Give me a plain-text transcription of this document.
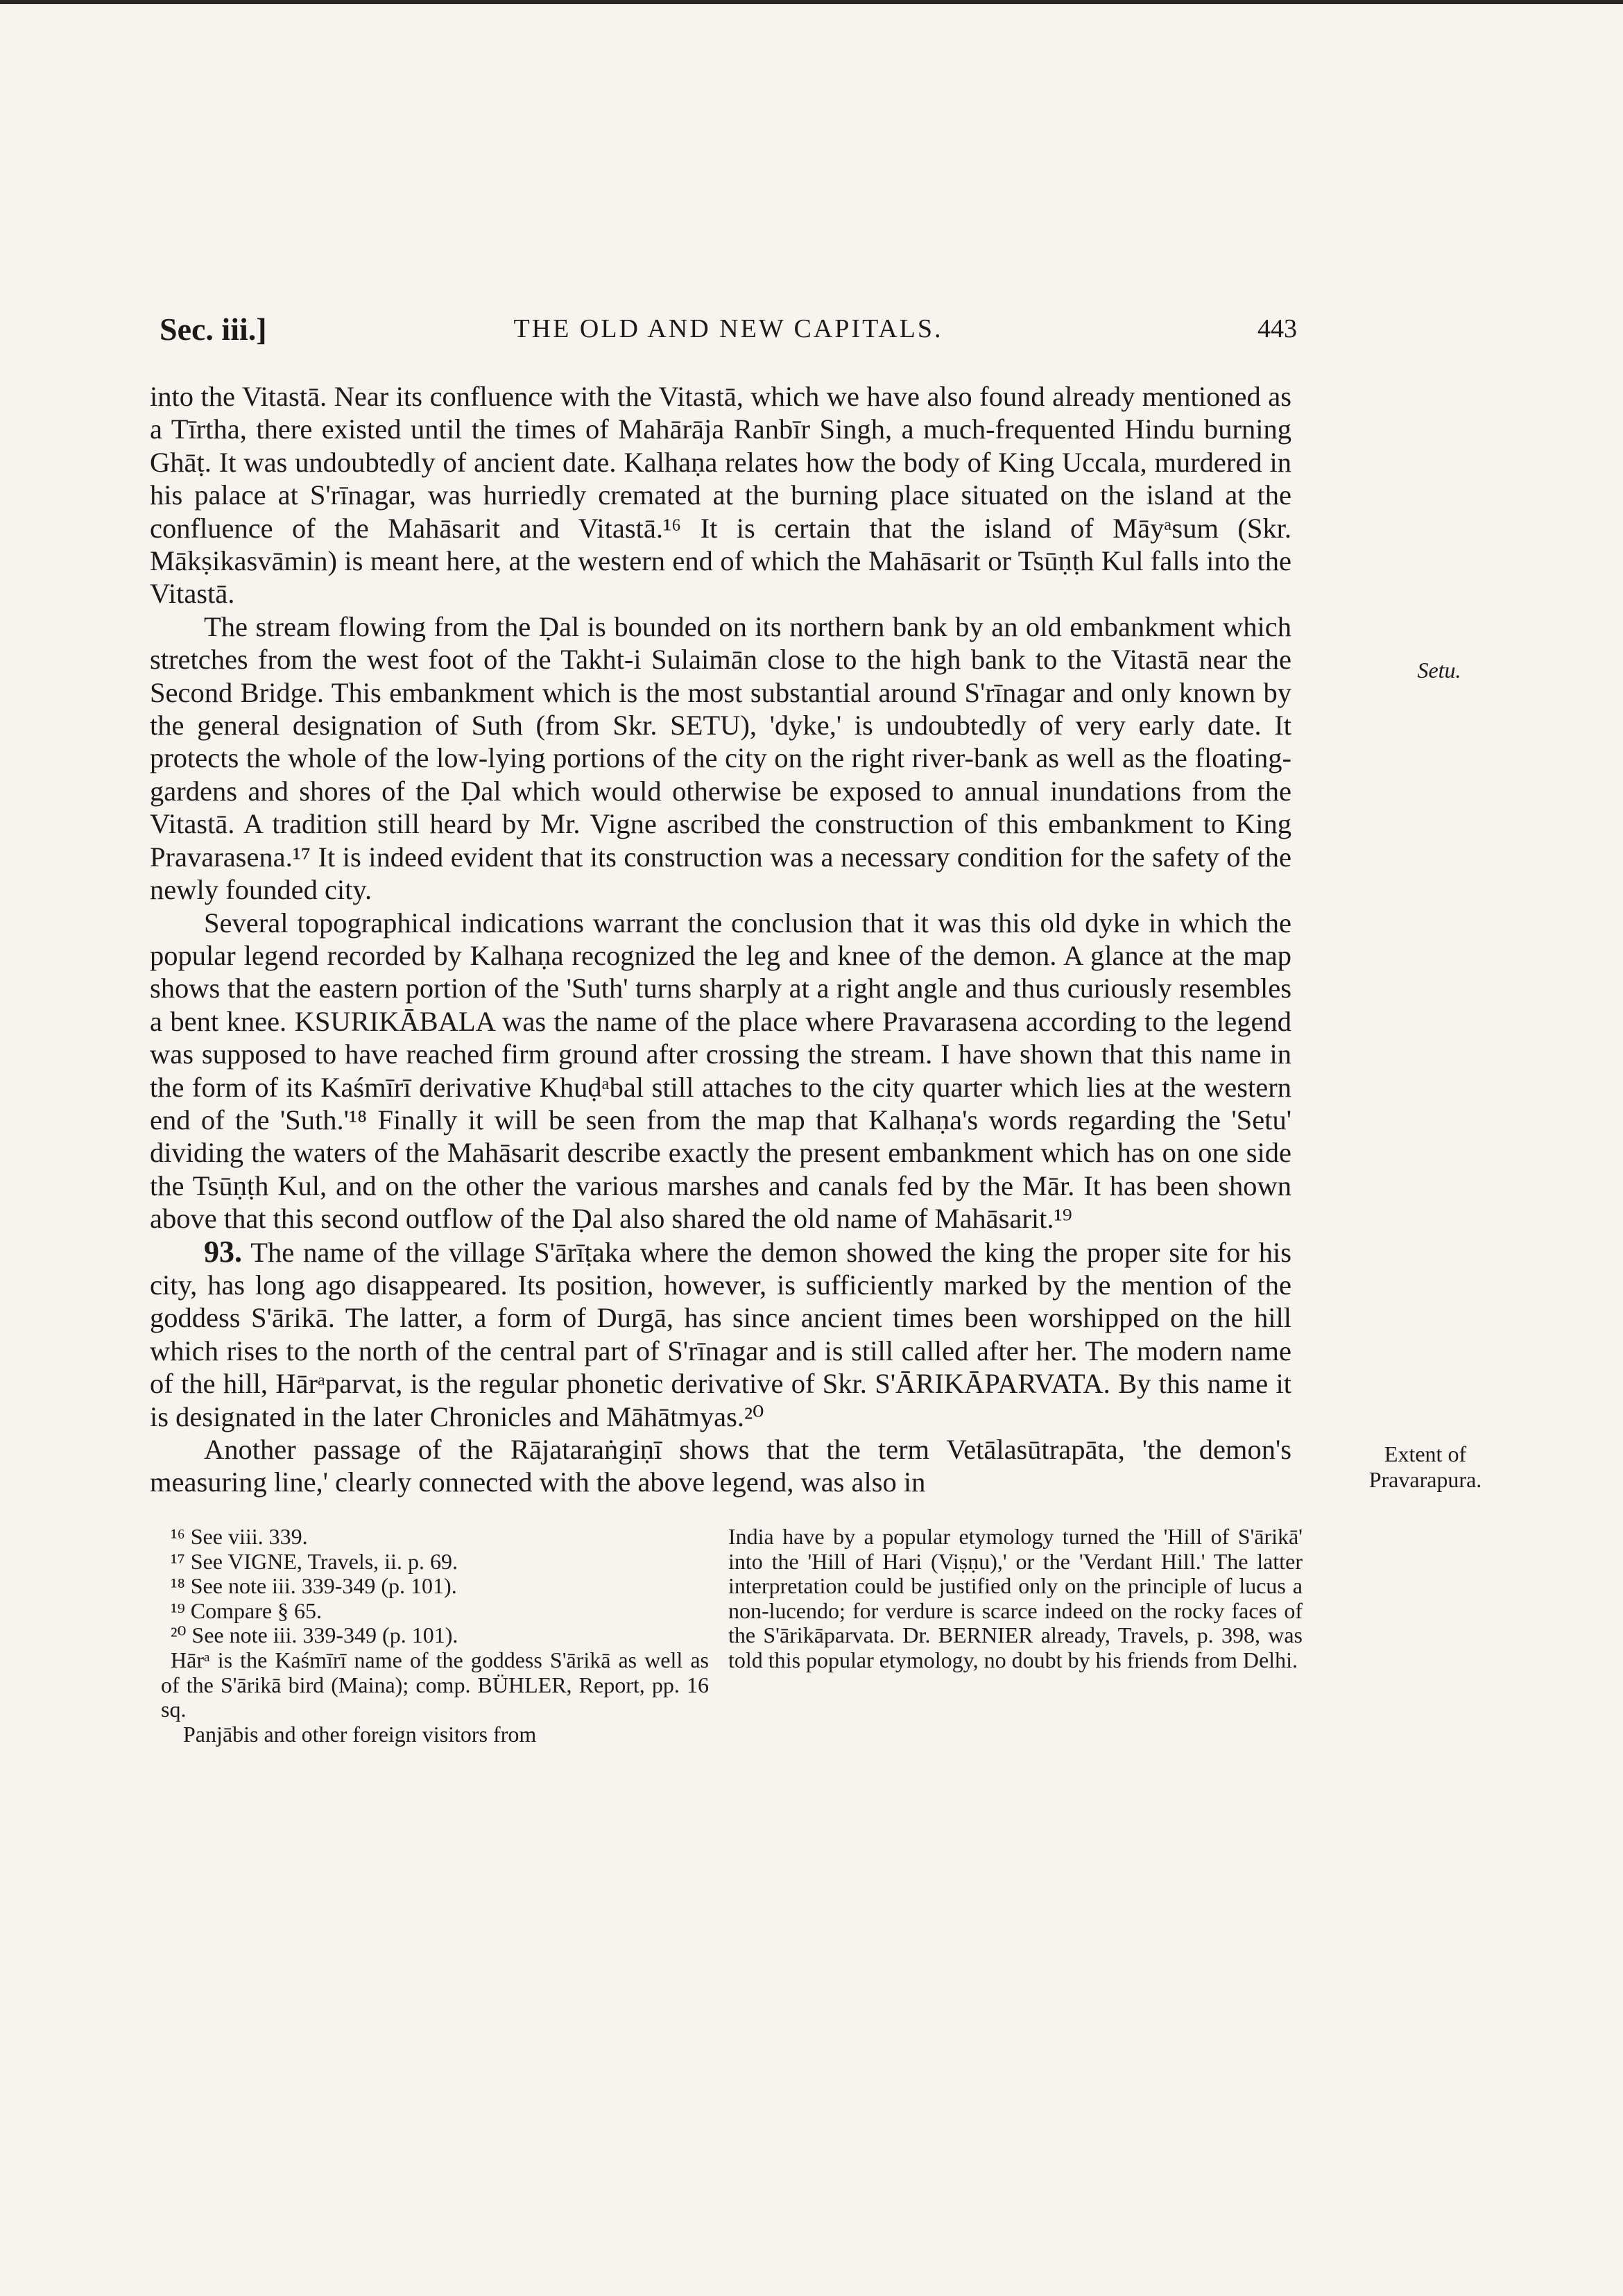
Sec. iii.]	THE OLD AND NEW CAPITALS.	443

into the Vitastā. Near its confluence with the Vitastā, which we have also found already mentioned as a Tīrtha, there existed until the times of Mahārāja Ranbīr Singh, a much-frequented Hindu burning Ghāṭ. It was undoubtedly of ancient date. Kalhaṇa relates how the body of King Uccala, murdered in his palace at S'rīnagar, was hurriedly cremated at the burning place situated on the island at the confluence of the Mahāsarit and Vitastā.¹⁶ It is certain that the island of Māyᵃsum (Skr. Mākṣikasvāmin) is meant here, at the western end of which the Mahāsarit or Tsūṇṭh Kul falls into the Vitastā.

The stream flowing from the Ḍal is bounded on its northern bank by an old embankment which stretches from the west foot of the Takht-i Sulaimān close to the high bank to the Vitastā near the Second Bridge. This embankment which is the most substantial around S'rīnagar and only known by the general designation of Suth (from Skr. SETU), 'dyke,' is undoubtedly of very early date. It protects the whole of the low-lying portions of the city on the right river-bank as well as the floating-gardens and shores of the Ḍal which would otherwise be exposed to annual inundations from the Vitastā. A tradition still heard by Mr. Vigne ascribed the construction of this embankment to King Pravarasena.¹⁷ It is indeed evident that its construction was a necessary condition for the safety of the newly founded city.

Several topographical indications warrant the conclusion that it was this old dyke in which the popular legend recorded by Kalhaṇa recognized the leg and knee of the demon. A glance at the map shows that the eastern portion of the 'Suth' turns sharply at a right angle and thus curiously resembles a bent knee. KSURIKĀBALA was the name of the place where Pravarasena according to the legend was supposed to have reached firm ground after crossing the stream. I have shown that this name in the form of its Kaśmīrī derivative Khuḍᵃbal still attaches to the city quarter which lies at the western end of the 'Suth.'¹⁸ Finally it will be seen from the map that Kalhaṇa's words regarding the 'Setu' dividing the waters of the Mahāsarit describe exactly the present embankment which has on one side the Tsūṇṭh Kul, and on the other the various marshes and canals fed by the Mār. It has been shown above that this second outflow of the Ḍal also shared the old name of Mahāsarit.¹⁹

93. The name of the village S'ārīṭaka where the demon showed the king the proper site for his city, has long ago disappeared. Its position, however, is sufficiently marked by the mention of the goddess S'ārikā. The latter, a form of Durgā, has since ancient times been worshipped on the hill which rises to the north of the central part of S'rīnagar and is still called after her. The modern name of the hill, Hārᵃparvat, is the regular phonetic derivative of Skr. S'ĀRIKĀPARVATA. By this name it is designated in the later Chronicles and Māhātmyas.²⁰

Another passage of the Rājataraṅgiṇī shows that the term Vetālasūtrapāta, 'the demon's measuring line,' clearly connected with the above legend, was also in

Setu.
Extent of
Pravarapura.

¹⁶ See viii. 339.

¹⁷ See VIGNE, Travels, ii. p. 69.

¹⁸ See note iii. 339-349 (p. 101).

¹⁹ Compare § 65.

²⁰ See note iii. 339-349 (p. 101).

Hārᵃ is the Kaśmīrī name of the goddess S'ārikā as well as of the S'ārikā bird (Maina); comp. BÜHLER, Report, pp. 16 sq.

Panjābis and other foreign visitors from

India have by a popular etymology turned the 'Hill of S'ārikā' into the 'Hill of Hari (Viṣṇu),' or the 'Verdant Hill.' The latter interpretation could be justified only on the principle of lucus a non-lucendo; for verdure is scarce indeed on the rocky faces of the S'ārikāparvata. Dr. BERNIER already, Travels, p. 398, was told this popular etymology, no doubt by his friends from Delhi.
